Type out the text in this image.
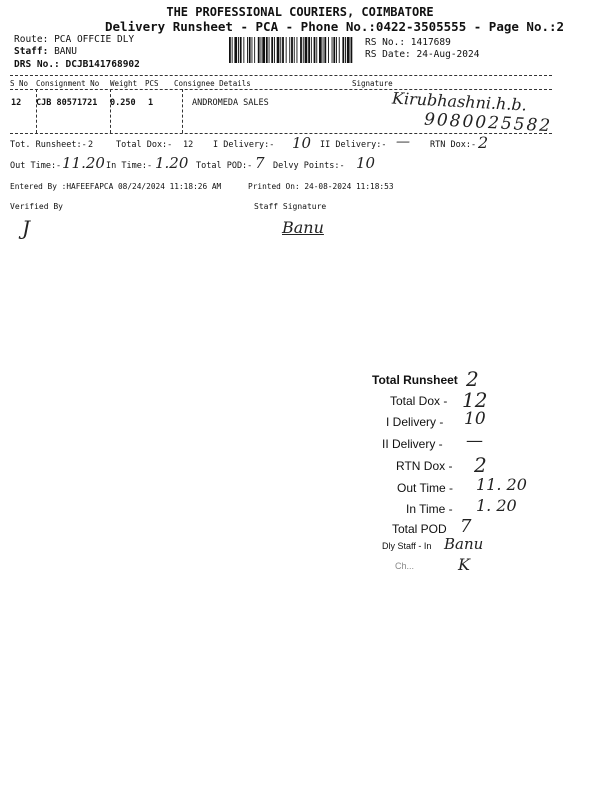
THE PROFESSIONAL COURIERS, COIMBATORE
Delivery Runsheet - PCA - Phone No.:0422-3505555 - Page No.:2
Route: PCA OFFCIE DLY
Staff: BANU
DRS No.: DCJB141768902
RS No.: 1417689
RS Date: 24-Aug-2024
S No Consignment No Weight PCS Consignee Details	Signature
12 CJB 80571721 0.250 1	ANDROMEDA SALES	Kirubhashni.h.b.
9080025582
Tot. Runsheet:- 2	Total Dox:- 12 I Delivery:- 10 II Delivery:- — RTN Dox:- 2
Out Time:- 11.20 In Time:- 1.20 Total POD:- 7 Delvy Points:- 10
Entered By :HAFEEFAPCA 08/24/2024 11:18:26 AM	Printed On: 24-08-2024 11:18:53
Verified By
J
Staff Signature
Banu
Total Runsheet 2
Total Dox - 12
I Delivery - 10
II Delivery - —
RTN Dox - 2
Out Time - 11. 20
In Time - 1. 20
Total POD 7
Dly Staff - In Banu
Ch...	K
